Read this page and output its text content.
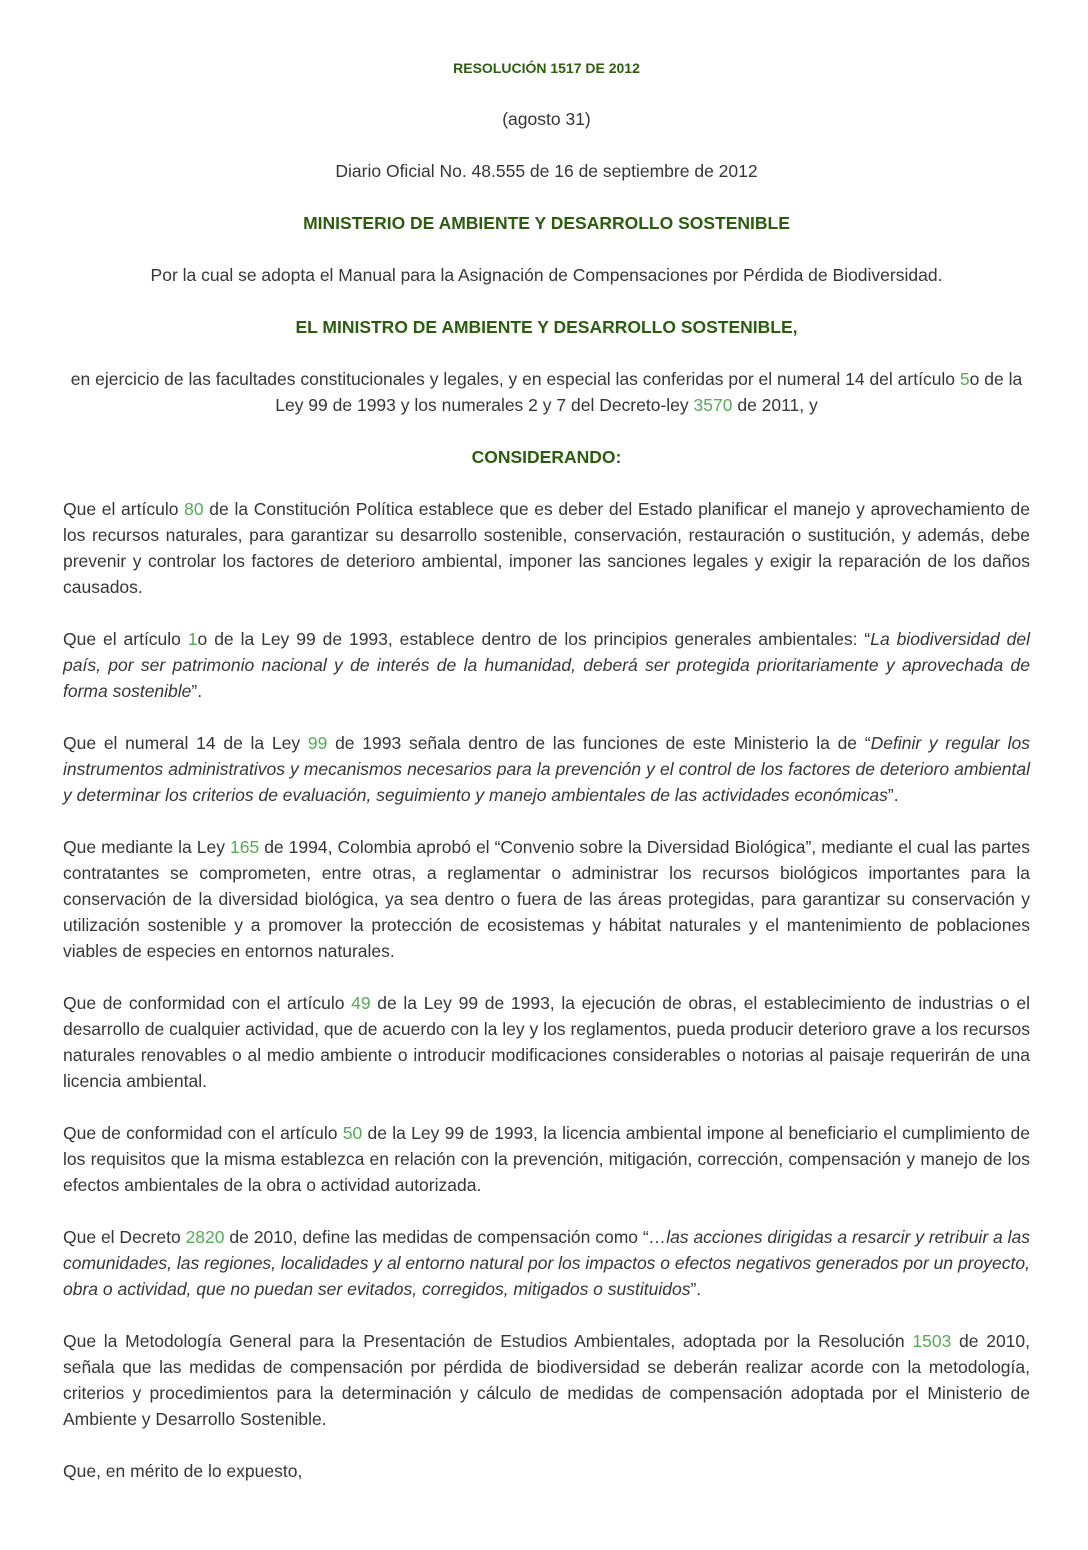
RESOLUCIÓN 1517 DE 2012

(agosto 31)

Diario Oficial No. 48.555 de 16 de septiembre de 2012

MINISTERIO DE AMBIENTE Y DESARROLLO SOSTENIBLE

Por la cual se adopta el Manual para la Asignación de Compensaciones por Pérdida de Biodiversidad.

EL MINISTRO DE AMBIENTE Y DESARROLLO SOSTENIBLE,

en ejercicio de las facultades constitucionales y legales, y en especial las conferidas por el numeral 14 del artículo 5o de la Ley 99 de 1993 y los numerales 2 y 7 del Decreto-ley 3570 de 2011, y

CONSIDERANDO:

Que el artículo 80 de la Constitución Política establece que es deber del Estado planificar el manejo y aprovechamiento de los recursos naturales, para garantizar su desarrollo sostenible, conservación, restauración o sustitución, y además, debe prevenir y controlar los factores de deterioro ambiental, imponer las sanciones legales y exigir la reparación de los daños causados.

Que el artículo 1o de la Ley 99 de 1993, establece dentro de los principios generales ambientales: “La biodiversidad del país, por ser patrimonio nacional y de interés de la humanidad, deberá ser protegida prioritariamente y aprovechada de forma sostenible”.

Que el numeral 14 de la Ley 99 de 1993 señala dentro de las funciones de este Ministerio la de “Definir y regular los instrumentos administrativos y mecanismos necesarios para la prevención y el control de los factores de deterioro ambiental y determinar los criterios de evaluación, seguimiento y manejo ambientales de las actividades económicas”.

Que mediante la Ley 165 de 1994, Colombia aprobó el “Convenio sobre la Diversidad Biológica”, mediante el cual las partes contratantes se comprometen, entre otras, a reglamentar o administrar los recursos biológicos importantes para la conservación de la diversidad biológica, ya sea dentro o fuera de las áreas protegidas, para garantizar su conservación y utilización sostenible y a promover la protección de ecosistemas y hábitat naturales y el mantenimiento de poblaciones viables de especies en entornos naturales.

Que de conformidad con el artículo 49 de la Ley 99 de 1993, la ejecución de obras, el establecimiento de industrias o el desarrollo de cualquier actividad, que de acuerdo con la ley y los reglamentos, pueda producir deterioro grave a los recursos naturales renovables o al medio ambiente o introducir modificaciones considerables o notorias al paisaje requerirán de una licencia ambiental.

Que de conformidad con el artículo 50 de la Ley 99 de 1993, la licencia ambiental impone al beneficiario el cumplimiento de los requisitos que la misma establezca en relación con la prevención, mitigación, corrección, compensación y manejo de los efectos ambientales de la obra o actividad autorizada.

Que el Decreto 2820 de 2010, define las medidas de compensación como “…las acciones dirigidas a resarcir y retribuir a las comunidades, las regiones, localidades y al entorno natural por los impactos o efectos negativos generados por un proyecto, obra o actividad, que no puedan ser evitados, corregidos, mitigados o sustituidos”.

Que la Metodología General para la Presentación de Estudios Ambientales, adoptada por la Resolución 1503 de 2010, señala que las medidas de compensación por pérdida de biodiversidad se deberán realizar acorde con la metodología, criterios y procedimientos para la determinación y cálculo de medidas de compensación adoptada por el Ministerio de Ambiente y Desarrollo Sostenible.

Que, en mérito de lo expuesto,
